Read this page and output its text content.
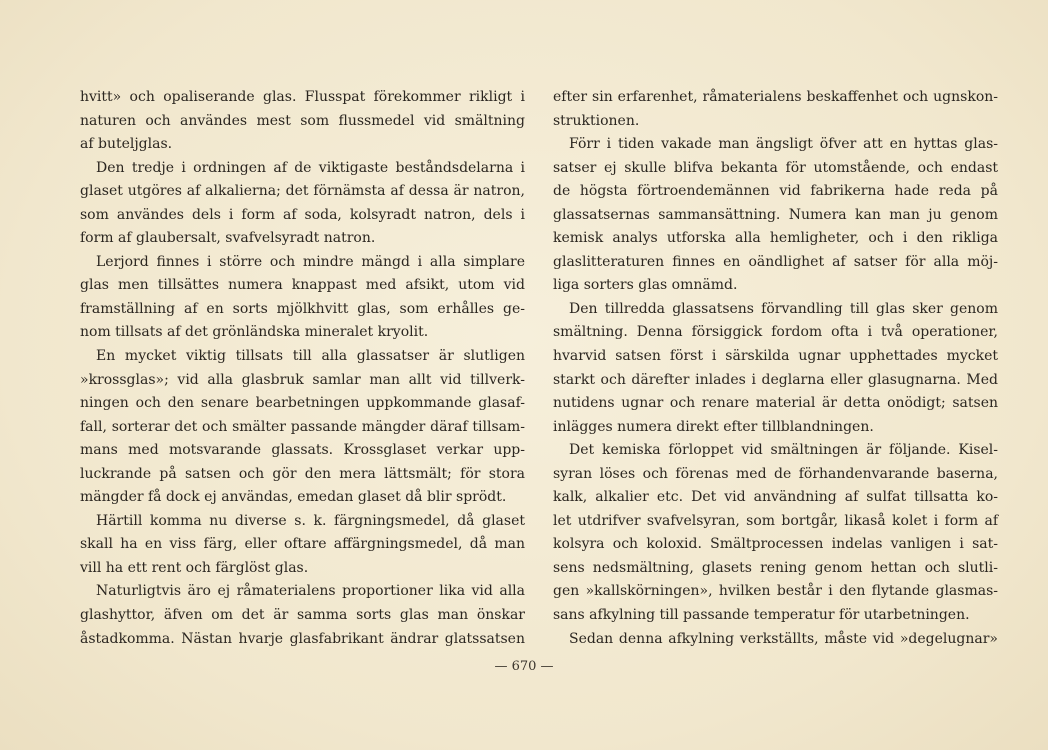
hvitt» och opaliserande glas. Flusspat förekommer rikligt i
naturen och användes mest som flussmedel vid smältning
af buteljglas.
Den tredje i ordningen af de viktigaste beståndsdelarna i
glaset utgöres af alkalierna; det förnämsta af dessa är natron,
som användes dels i form af soda, kolsyradt natron, dels i
form af glaubersalt, svafvelsyradt natron.
Lerjord finnes i större och mindre mängd i alla simplare
glas men tillsättes numera knappast med afsikt, utom vid
framställning af en sorts mjölkhvitt glas, som erhålles ge-
nom tillsats af det grönländska mineralet kryolit.
En mycket viktig tillsats till alla glassatser är slutligen
»krossglas»; vid alla glasbruk samlar man allt vid tillverk-
ningen och den senare bearbetningen uppkommande glasaf-
fall, sorterar det och smälter passande mängder däraf tillsam-
mans med motsvarande glassats. Krossglaset verkar upp-
luckrande på satsen och gör den mera lättsmält; för stora
mängder få dock ej användas, emedan glaset då blir sprödt.
Härtill komma nu diverse s. k. färgningsmedel, då glaset
skall ha en viss färg, eller oftare affärgningsmedel, då man
vill ha ett rent och färglöst glas.
Naturligtvis äro ej råmaterialens proportioner lika vid alla
glashyttor, äfven om det är samma sorts glas man önskar
åstadkomma. Nästan hvarje glasfabrikant ändrar glatssatsen
efter sin erfarenhet, råmaterialens beskaffenhet och ugnskon-
struktionen.
Förr i tiden vakade man ängsligt öfver att en hyttas glas-
satser ej skulle blifva bekanta för utomstående, och endast
de högsta förtroendemännen vid fabrikerna hade reda på
glassatsernas sammansättning. Numera kan man ju genom
kemisk analys utforska alla hemligheter, och i den rikliga
glaslitteraturen finnes en oändlighet af satser för alla möj-
liga sorters glas omnämd.
Den tillredda glassatsens förvandling till glas sker genom
smältning. Denna försiggick fordom ofta i två operationer,
hvarvid satsen först i särskilda ugnar upphettades mycket
starkt och därefter inlades i deglarna eller glasugnarna. Med
nutidens ugnar och renare material är detta onödigt; satsen
inlägges numera direkt efter tillblandningen.
Det kemiska förloppet vid smältningen är följande. Kisel-
syran löses och förenas med de förhandenvarande baserna,
kalk, alkalier etc. Det vid användning af sulfat tillsatta ko-
let utdrifver svafvelsyran, som bortgår, likaså kolet i form af
kolsyra och koloxid. Smältprocessen indelas vanligen i sat-
sens nedsmältning, glasets rening genom hettan och slutli-
gen »kallskörningen», hvilken består i den flytande glasmas-
sans afkylning till passande temperatur för utarbetningen.
Sedan denna afkylning verkställts, måste vid »degelugnar»
— 670 —
